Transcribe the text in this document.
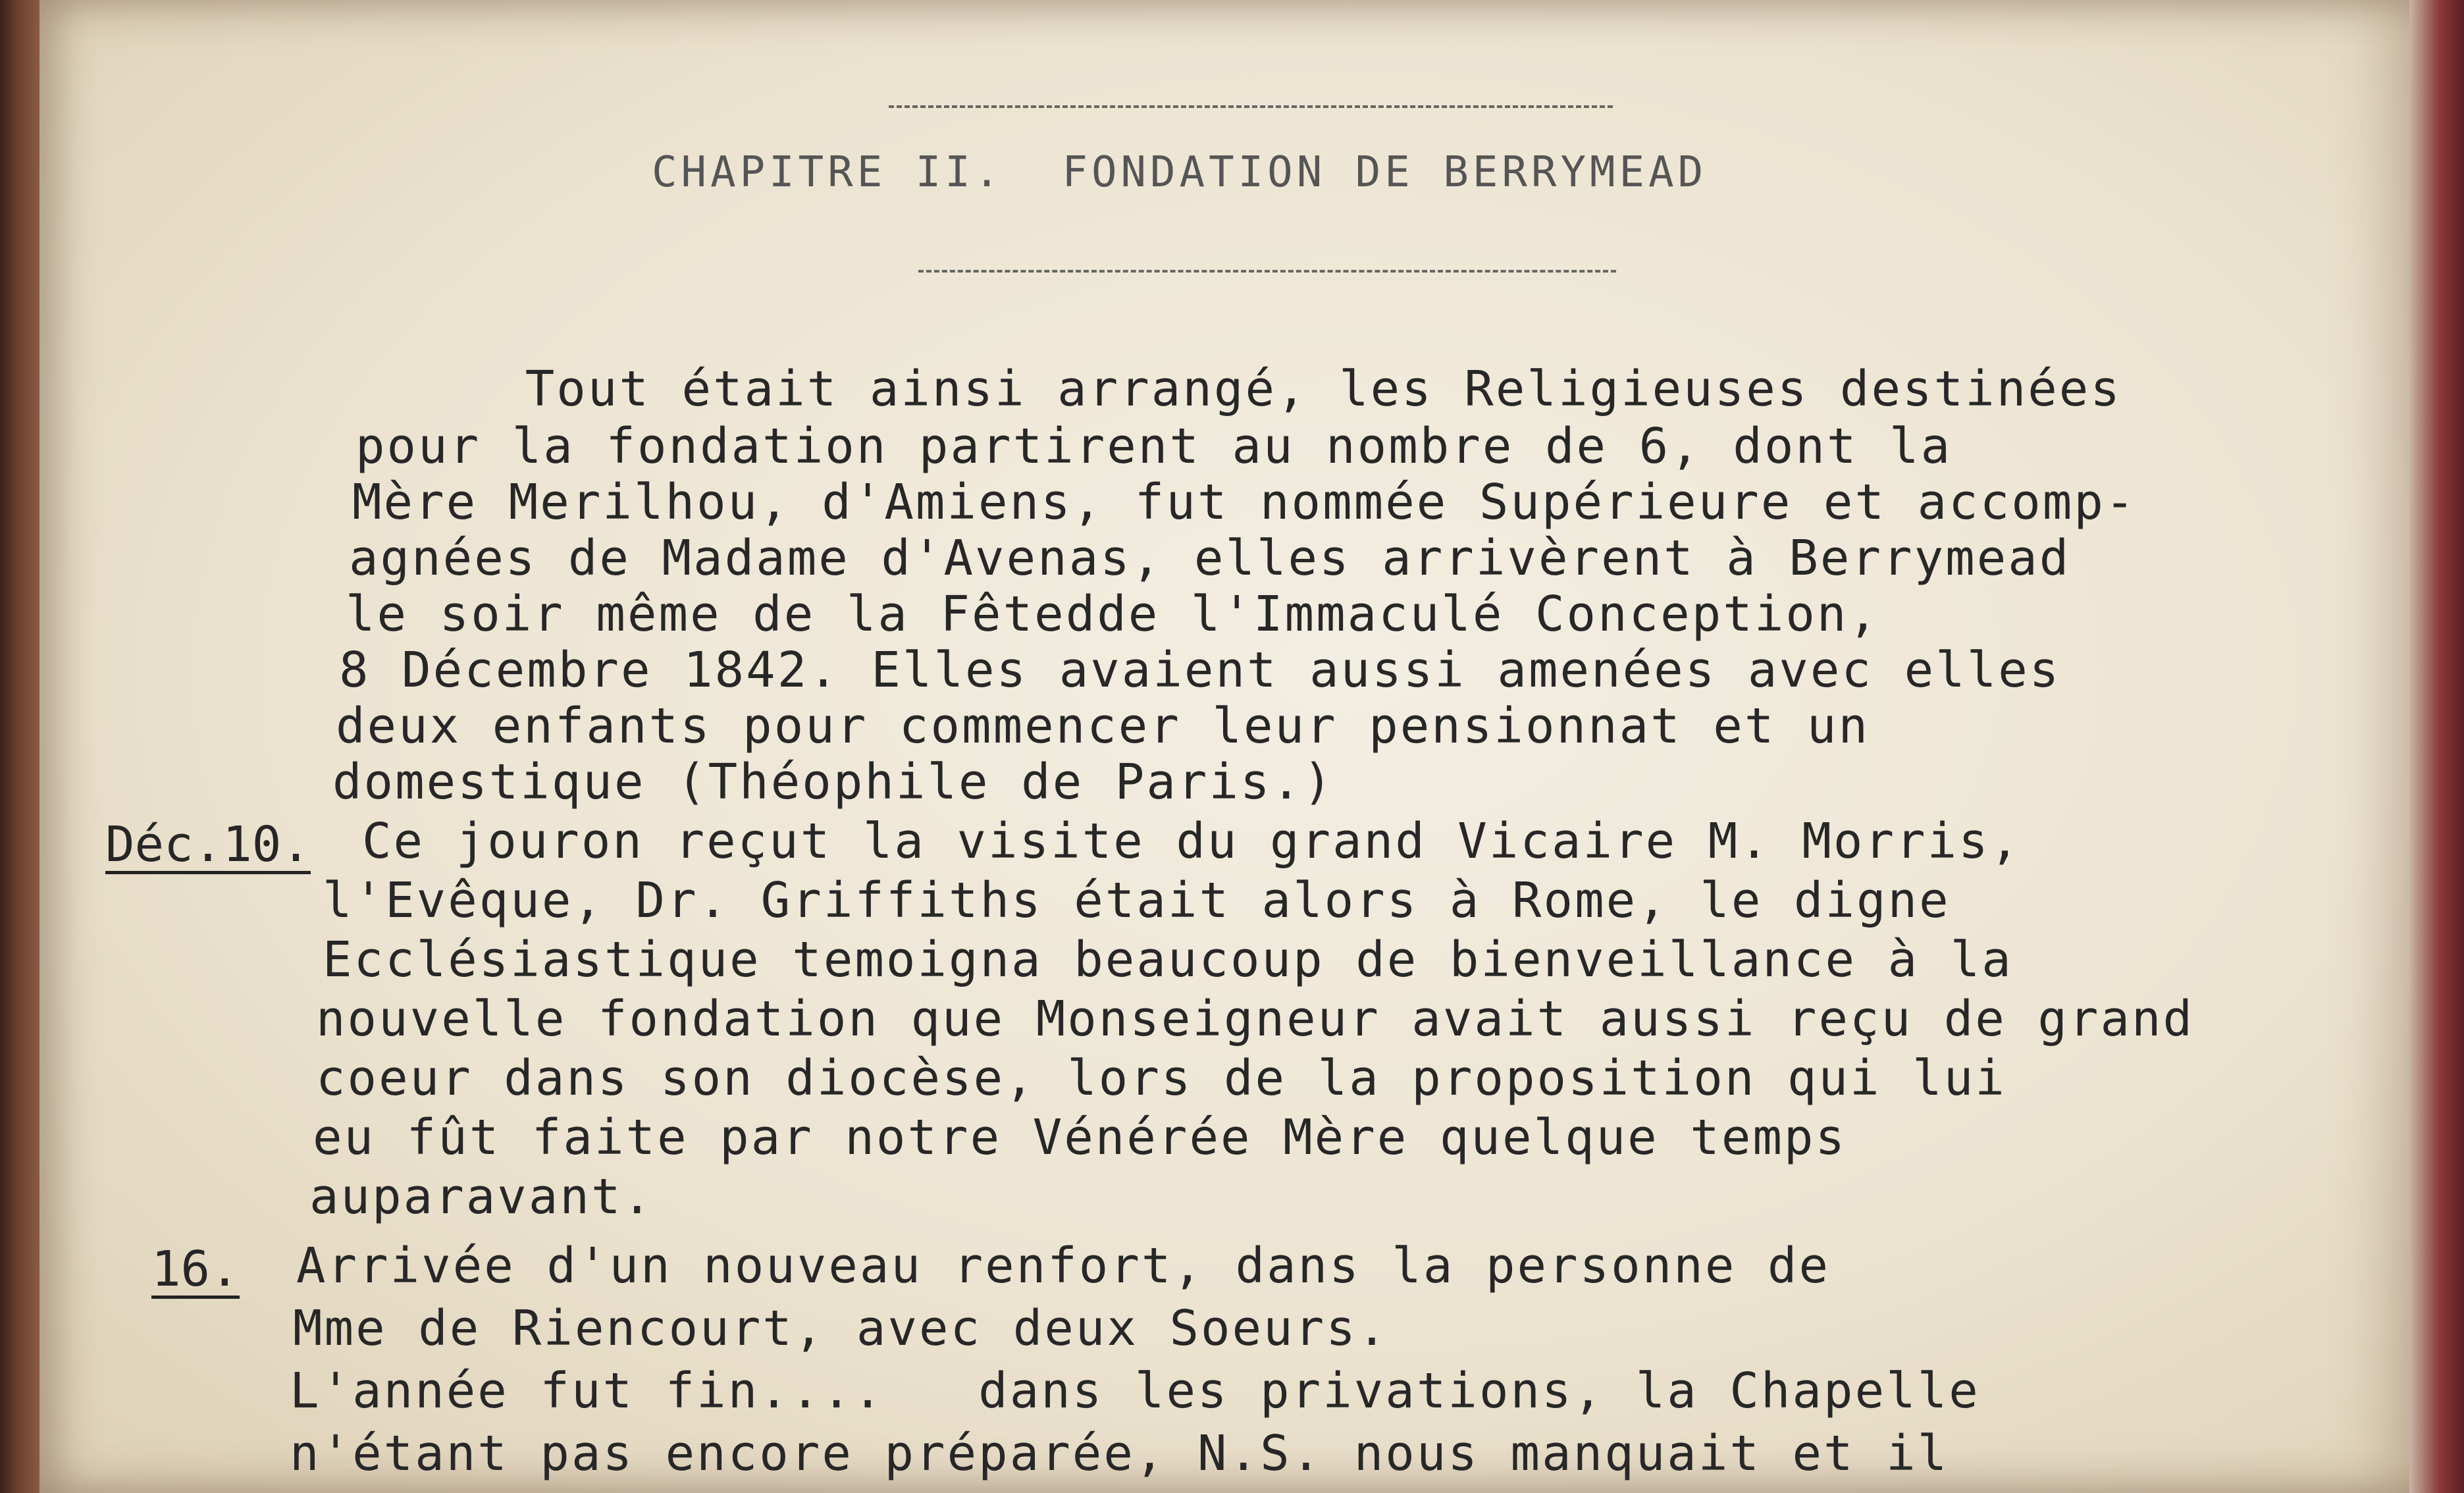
CHAPITRE II.  FONDATION DE BERRYMEAD
Tout était ainsi arrangé, les Religieuses destinées
pour la fondation partirent au nombre de 6, dont la
Mère Merilhou, d'Amiens, fut nommée Supérieure et accomp-
agnées de Madame d'Avenas, elles arrivèrent à Berrymead
le soir même de la Fêtedde l'Immaculé Conception,
8 Décembre 1842. Elles avaient aussi amenées avec elles
deux enfants pour commencer leur pensionnat et un
domestique (Théophile de Paris.)
Déc.10. Ce jouron reçut la visite du grand Vicaire M. Morris,
l'Evêque, Dr. Griffiths était alors à Rome, le digne
Ecclésiastique temoigna beaucoup de bienveillance à la
nouvelle fondation que Monseigneur avait aussi reçu de grand
coeur dans son diocèse, lors de la proposition qui lui
eu fût faite par notre Vénérée Mère quelque temps
auparavant.
16. Arrivée d'un nouveau renfort, dans la personne de
Mme de Riencourt, avec deux Soeurs.
L'année fut fin....   dans les privations, la Chapelle
n'étant pas encore préparée, N.S. nous manquait et il
